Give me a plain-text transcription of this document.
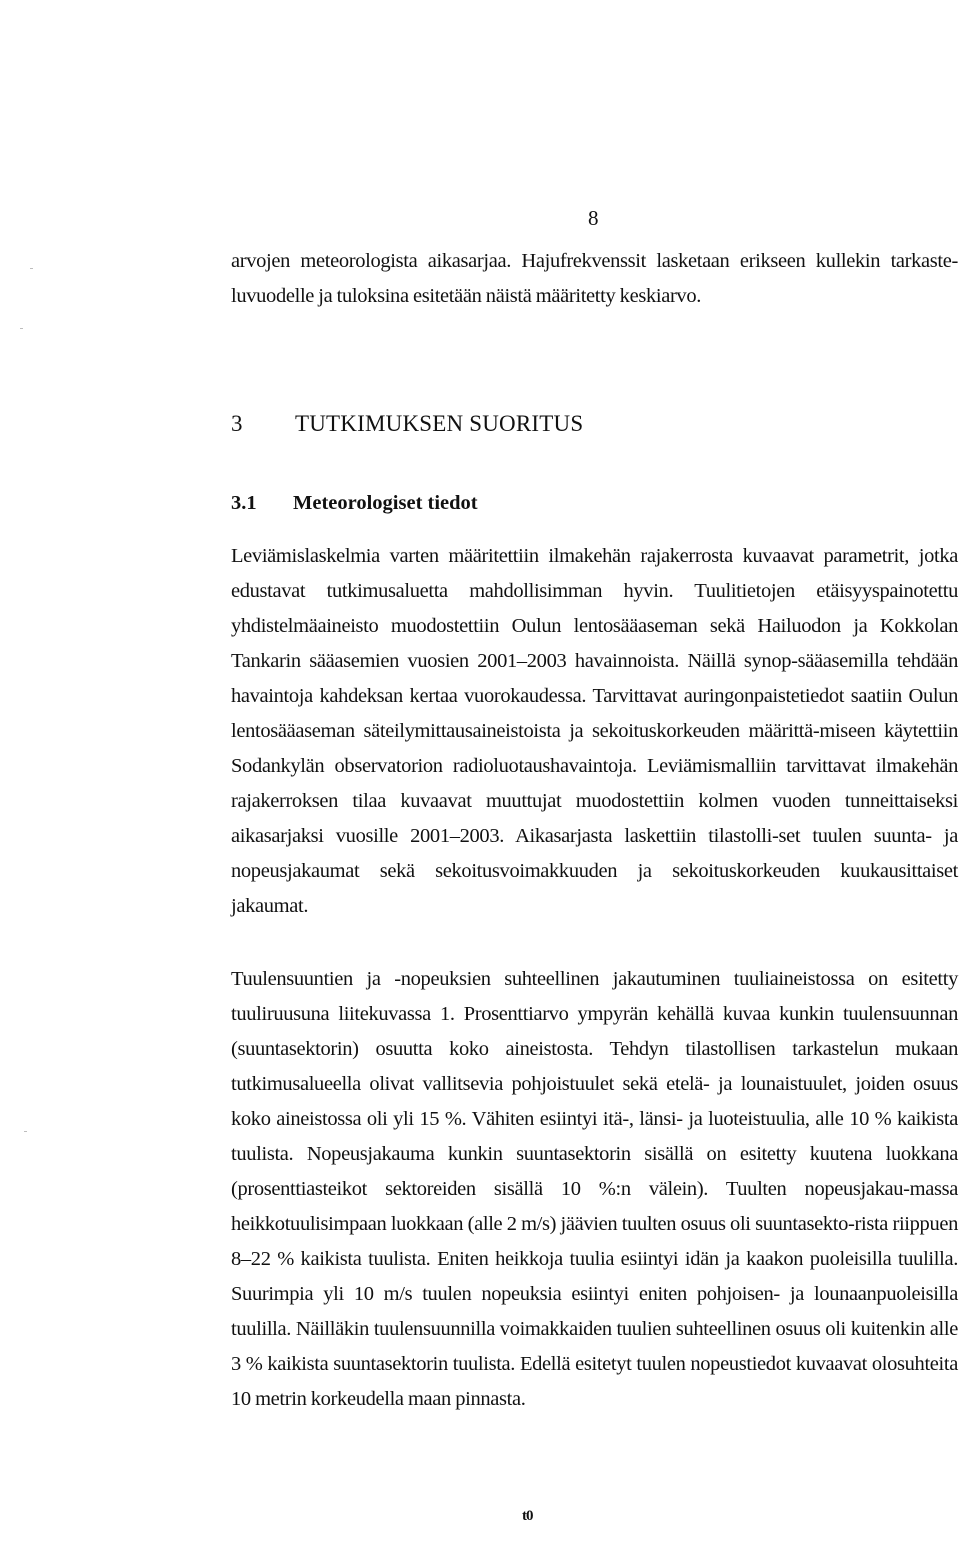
8

arvojen meteorologista aikasarjaa. Hajufrekvenssit lasketaan erikseen kullekin tarkaste-luvuodelle ja tuloksina esitetään näistä määritetty keskiarvo.

3 TUTKIMUKSEN SUORITUS
3.1 Meteorologiset tiedot

Leviämislaskelmia varten määritettiin ilmakehän rajakerrosta kuvaavat parametrit, jotka edustavat tutkimusaluetta mahdollisimman hyvin. Tuulitietojen etäisyyspainotettu yhdistelmäaineisto muodostettiin Oulun lentosääaseman sekä Hailuodon ja Kokkolan Tankarin sääasemien vuosien 2001–2003 havainnoista. Näillä synop-sääasemilla tehdään havaintoja kahdeksan kertaa vuorokaudessa. Tarvittavat auringonpaistetiedot saatiin Oulun lentosääaseman säteilymittausaineistoista ja sekoituskorkeuden määrittä-miseen käytettiin Sodankylän observatorion radioluotaushavaintoja. Leviämismalliin tarvittavat ilmakehän rajakerroksen tilaa kuvaavat muuttujat muodostettiin kolmen vuoden tunneittaiseksi aikasarjaksi vuosille 2001–2003. Aikasarjasta laskettiin tilastolli-set tuulen suunta- ja nopeusjakaumat sekä sekoitusvoimakkuuden ja sekoituskorkeuden kuukausittaiset jakaumat.

Tuulensuuntien ja -nopeuksien suhteellinen jakautuminen tuuliaineistossa on esitetty tuuliruusuna liitekuvassa 1. Prosenttiarvo ympyrän kehällä kuvaa kunkin tuulensuunnan (suuntasektorin) osuutta koko aineistosta. Tehdyn tilastollisen tarkastelun mukaan tutkimusalueella olivat vallitsevia pohjoistuulet sekä etelä- ja lounaistuulet, joiden osuus koko aineistossa oli yli 15 %. Vähiten esiintyi itä-, länsi- ja luoteistuulia, alle 10 % kaikista tuulista. Nopeusjakauma kunkin suuntasektorin sisällä on esitetty kuutena luokkana (prosenttiasteikot sektoreiden sisällä 10 %:n välein). Tuulten nopeusjakau-massa heikkotuulisimpaan luokkaan (alle 2 m/s) jäävien tuulten osuus oli suuntasekto-rista riippuen 8–22 % kaikista tuulista. Eniten heikkoja tuulia esiintyi idän ja kaakon puoleisilla tuulilla. Suurimpia yli 10 m/s tuulen nopeuksia esiintyi eniten pohjoisen- ja lounaanpuoleisilla tuulilla. Näilläkin tuulensuunnilla voimakkaiden tuulien suhteellinen osuus oli kuitenkin alle 3 % kaikista suuntasektorin tuulista. Edellä esitetyt tuulen nopeustiedot kuvaavat olosuhteita 10 metrin korkeudella maan pinnasta.

t0
